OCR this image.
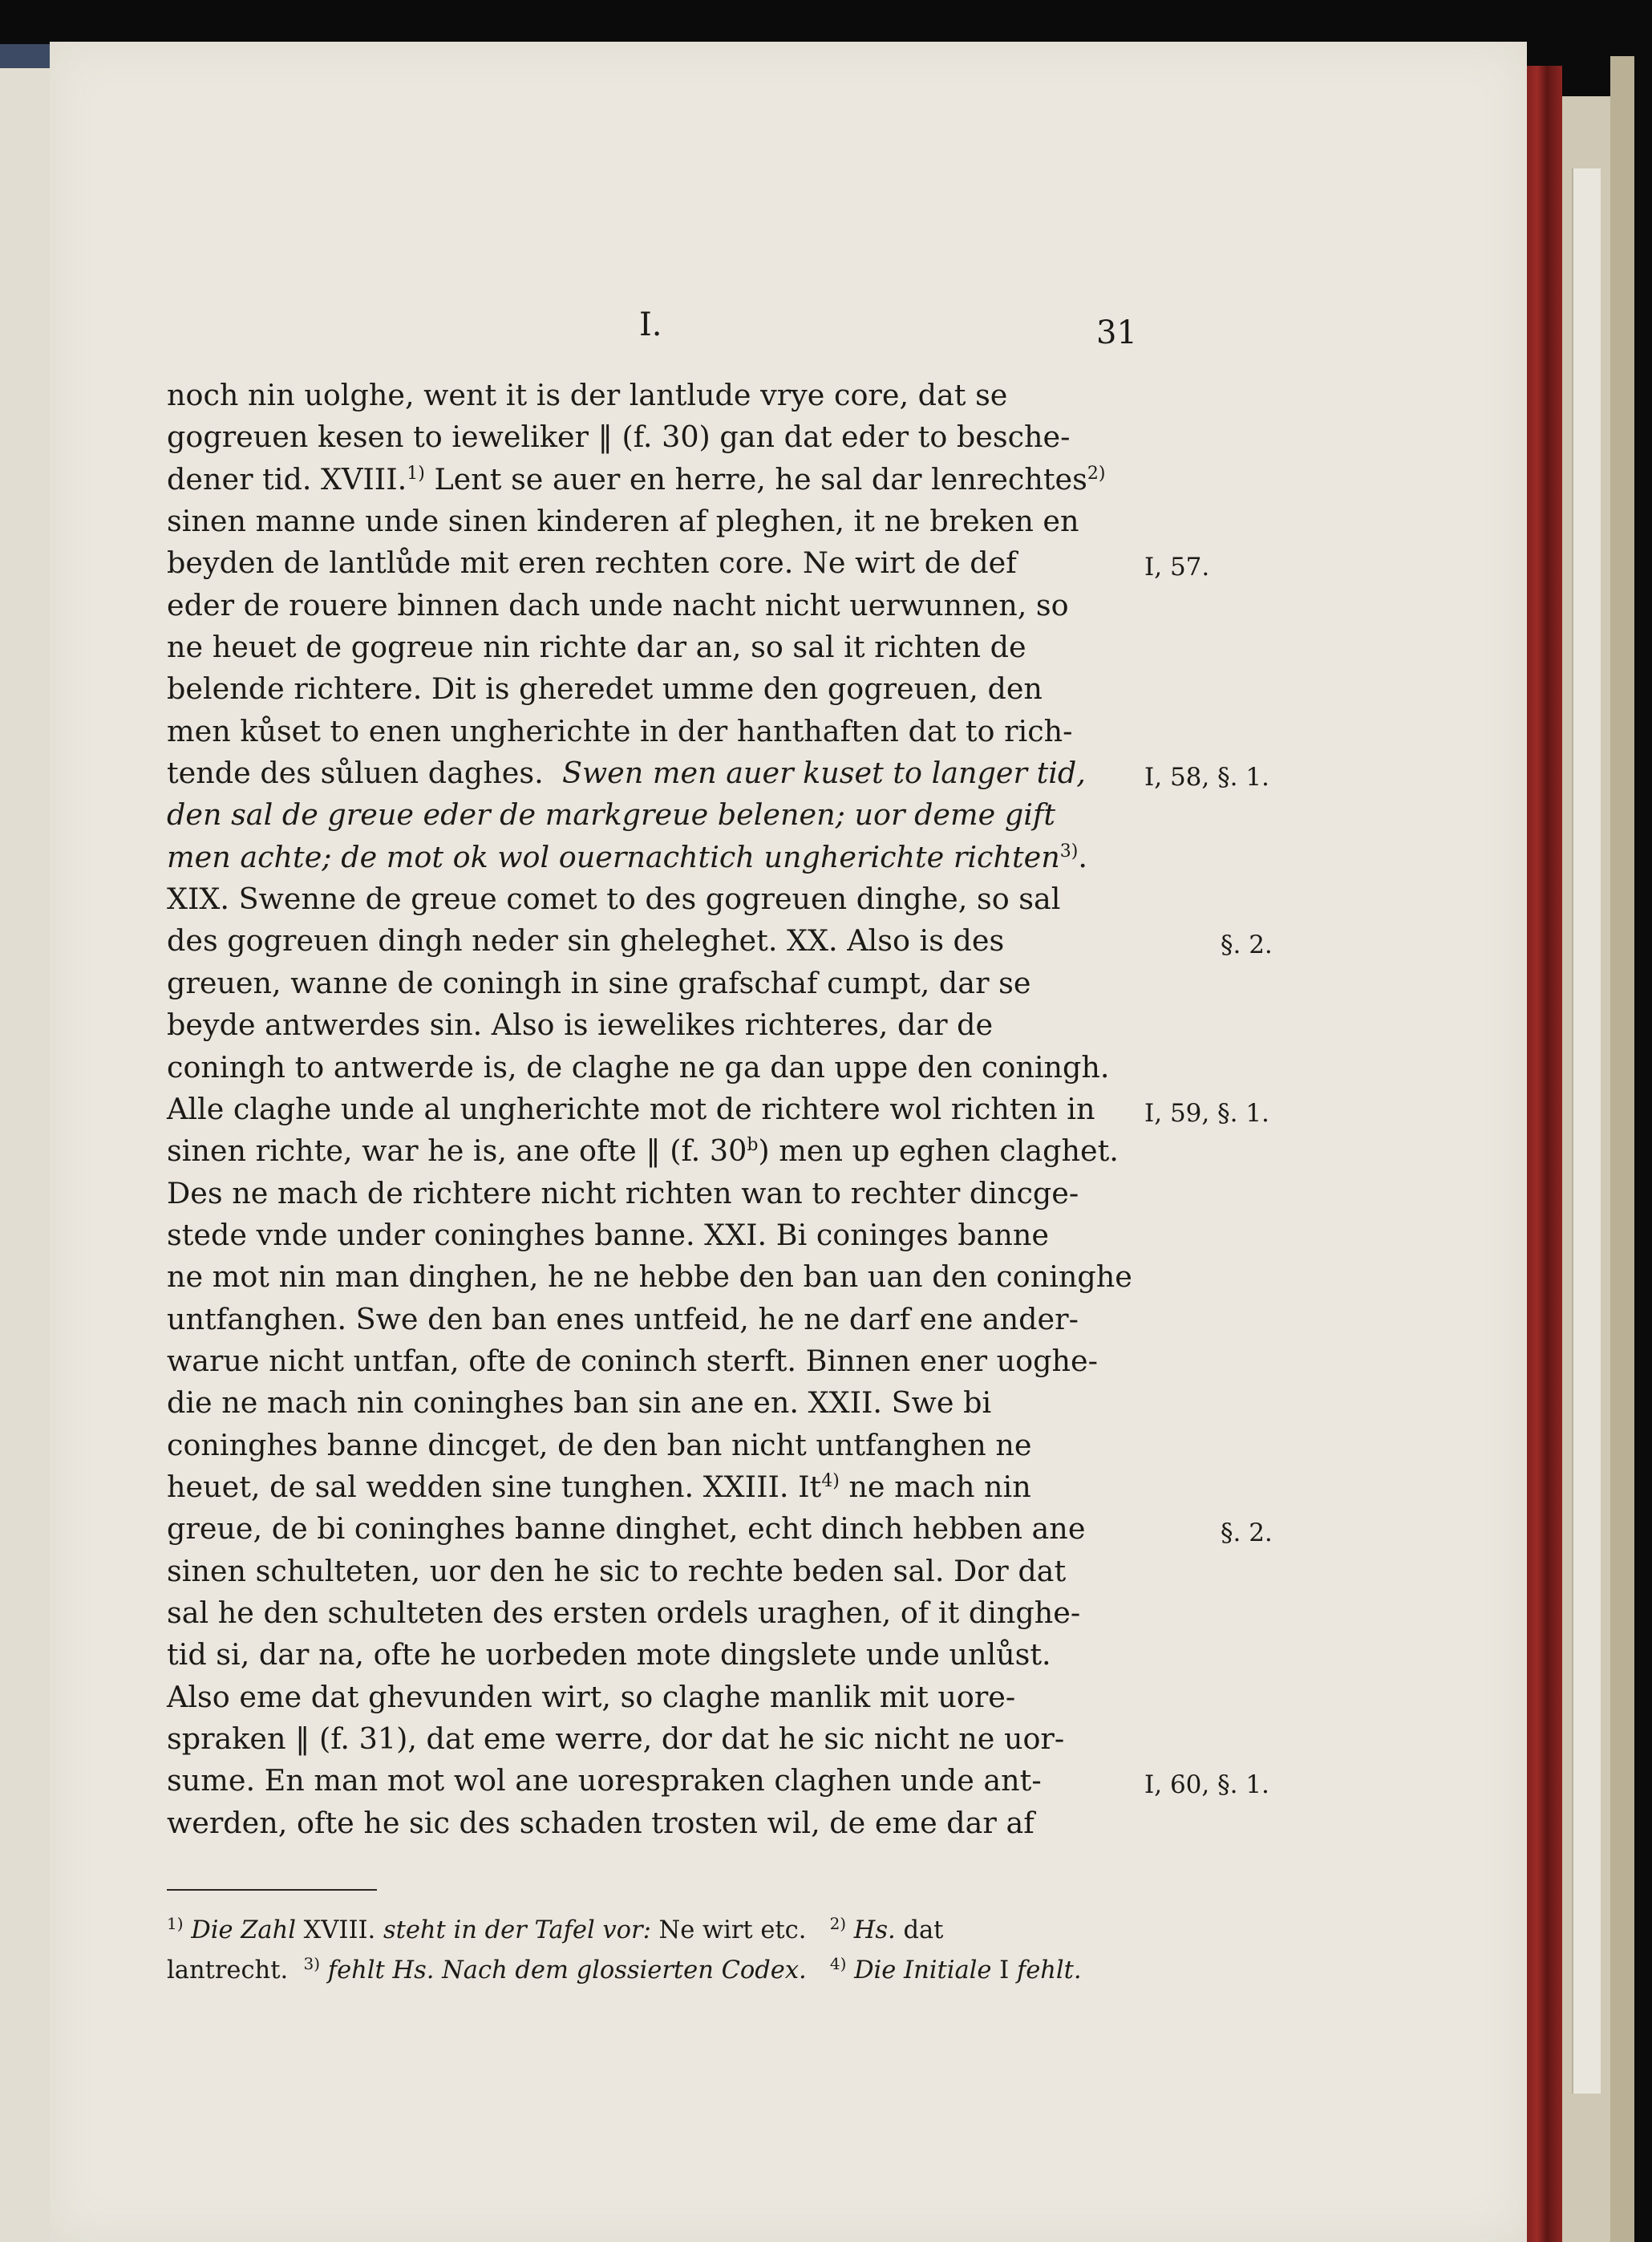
I.	31
noch nin uolghe, went it is der lantlude vrye core, dat se
gogreuen kesen to ieweliker ‖ (f. 30) gan dat eder to besche-
dener tid. XVIII.$^{1)}$ Lent se auer en herre, he sal dar lenrechtes$^{2)}$
sinen manne unde sinen kinderen af pleghen, it ne breken en
beyden de lantlůde mit eren rechten core. Ne wirt de def
eder de rouere binnen dach unde nacht nicht uerwunnen, so
ne heuet de gogreue nin richte dar an, so sal it richten de
belende richtere. Dit is gheredet umme den gogreuen, den
men kůset to enen ungherichte in der hanthaften dat to rich-
tende des sůluen daghes. Swen men auer kuset to langer tid,
den sal de greue eder de markgreue belenen; uor deme gift
men achte; de mot ok wol ouernachtich ungherichte richten$^{3)}$.
XIX. Swenne de greue comet to des gogreuen dinghe, so sal
des gogreuen dingh neder sin gheleghet. XX. Also is des
greuen, wanne de coningh in sine grafschaf cumpt, dar se
beyde antwerdes sin. Also is iewelikes richteres, dar de
coningh to antwerde is, de claghe ne ga dan uppe den coningh.
Alle claghe unde al ungherichte mot de richtere wol richten in
sinen richte, war he is, ane ofte ‖ (f. 30$^b$) men up eghen claghet.
Des ne mach de richtere nicht richten wan to rechter dincge-
stede vnde under coninghes banne. XXI. Bi coninges banne
ne mot nin man dinghen, he ne hebbe den ban uan den coninghe
untfanghen. Swe den ban enes untfeid, he ne darf ene ander-
warue nicht untfan, ofte de coninch sterft. Binnen ener uoghe-
die ne mach nin coninghes ban sin ane en. XXII. Swe bi
coninghes banne dincget, de den ban nicht untfanghen ne
heuet, de sal wedden sine tunghen. XXIII. It$^{4)}$ ne mach nin
greue, de bi coninghes banne dinghet, echt dinch hebben ane
sinen schulteten, uor den he sic to rechte beden sal. Dor dat
sal he den schulteten des ersten ordels uraghen, of it dinghe-
tid si, dar na, ofte he uorbeden mote dingslete unde unlůst.
Also eme dat ghevunden wirt, so claghe manlik mit uore-
spraken ‖ (f. 31), dat eme werre, dor dat he sic nicht ne uor-
sume. En man mot wol ane uorespraken claghen unde ant-
werden, ofte he sic des schaden trosten wil, de eme dar af
I, 57.
I, 58, §. 1.
§. 2.
I, 59, §. 1.
§. 2.
I, 60, §. 1.
$^{1)}$ Die Zahl XVIII. steht in der Tafel vor: Ne wirt etc. $^{2)}$ Hs. dat
lantrecht. $^{3)}$ fehlt Hs. Nach dem glossierten Codex. $^{4)}$ Die Initiale I fehlt.
